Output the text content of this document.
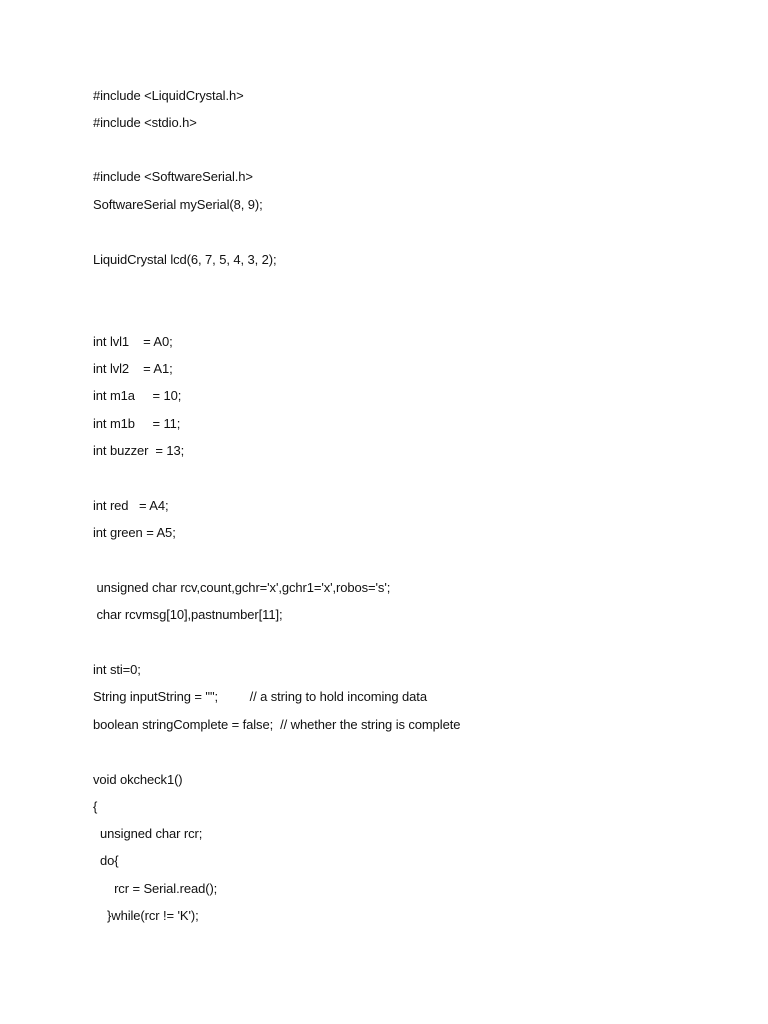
#include <LiquidCrystal.h>
#include <stdio.h>
#include <SoftwareSerial.h>
SoftwareSerial mySerial(8, 9);
LiquidCrystal lcd(6, 7, 5, 4, 3, 2);
int lvl1    = A0;
int lvl2    = A1;
int m1a     = 10;
int m1b     = 11;
int buzzer  = 13;
int red   = A4;
int green = A5;
unsigned char rcv,count,gchr='x',gchr1='x',robos='s';
char rcvmsg[10],pastnumber[11];
int sti=0;
String inputString = "";         // a string to hold incoming data
boolean stringComplete = false;  // whether the string is complete
void okcheck1()
{
unsigned char rcr;
do{
rcr = Serial.read();
}while(rcr != 'K');
